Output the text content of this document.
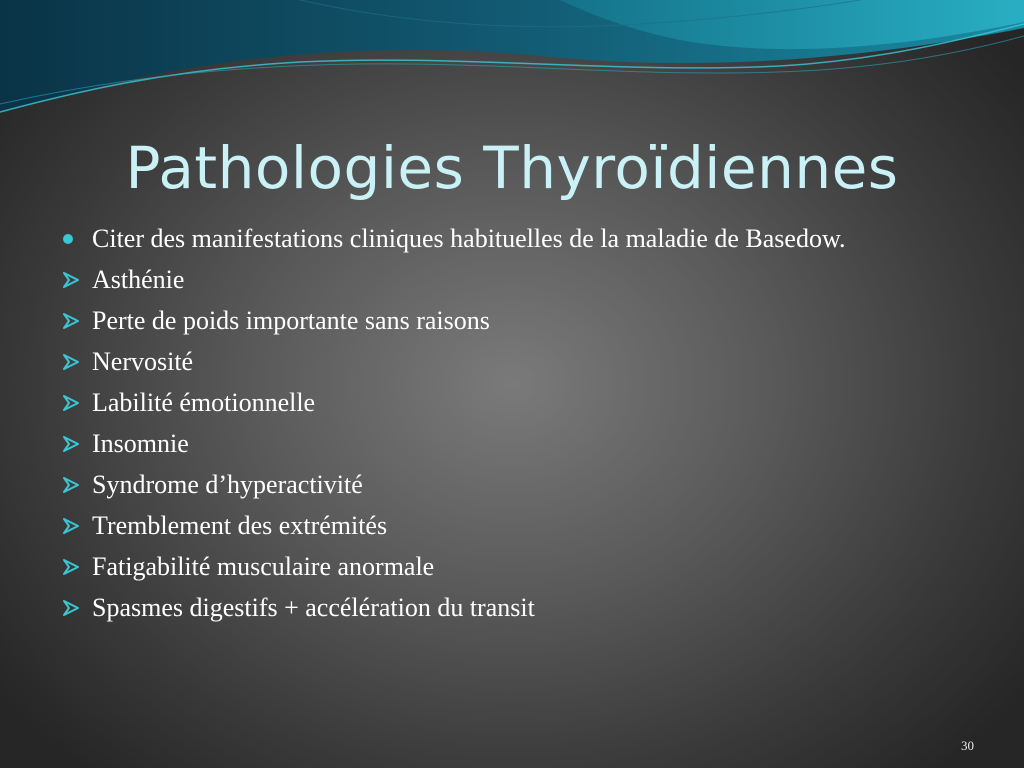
Pathologies Thyroïdiennes
Citer des manifestations cliniques habituelles de la maladie de Basedow.
Asthénie
Perte de poids importante sans raisons
Nervosité
Labilité émotionnelle
Insomnie
Syndrome d’hyperactivité
Tremblement des extrémités
Fatigabilité musculaire anormale
Spasmes digestifs + accélération du transit
30
